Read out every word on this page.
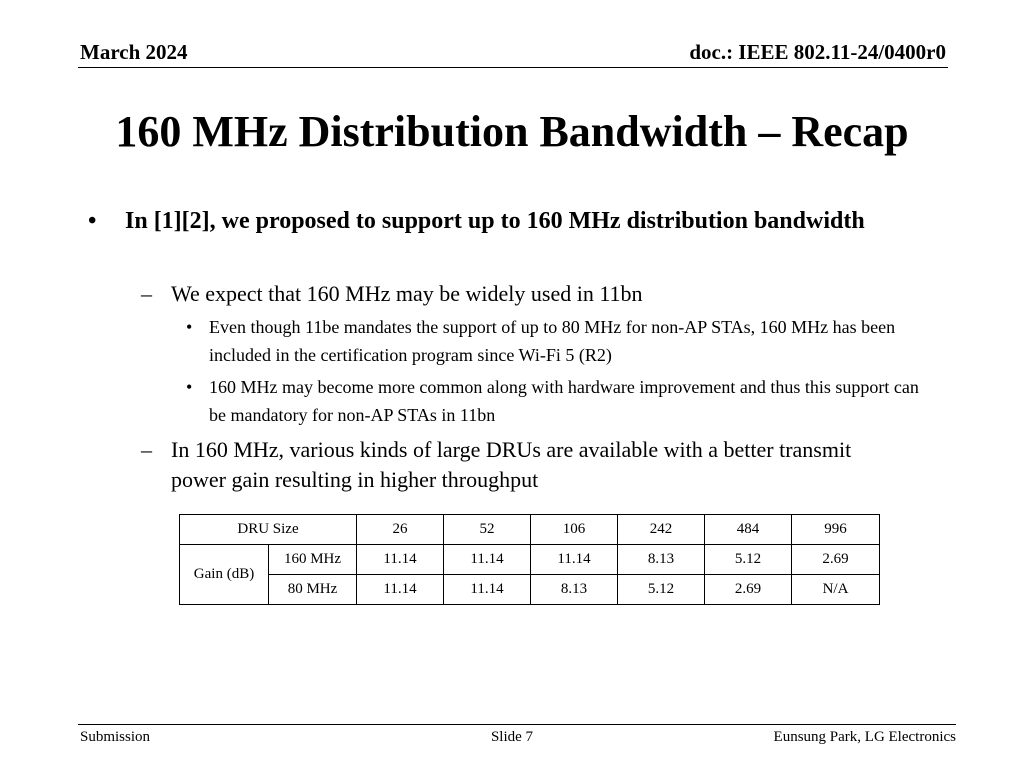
March 2024	doc.: IEEE 802.11-24/0400r0
160 MHz Distribution Bandwidth – Recap
• In [1][2], we proposed to support up to 160 MHz distribution bandwidth
– We expect that 160 MHz may be widely used in 11bn
• Even though 11be mandates the support of up to 80 MHz for non-AP STAs, 160 MHz has been included in the certification program since Wi-Fi 5 (R2)
• 160 MHz may become more common along with hardware improvement and thus this support can be mandatory for non-AP STAs in 11bn
– In 160 MHz, various kinds of large DRUs are available with a better transmit power gain resulting in higher throughput
DRU Size		26	52	106	242	484	996
Gain (dB)	160 MHz	11.14	11.14	11.14	8.13	5.12	2.69
	80 MHz	11.14	11.14	8.13	5.12	2.69	N/A
Submission	Slide 7	Eunsung Park, LG Electronics
